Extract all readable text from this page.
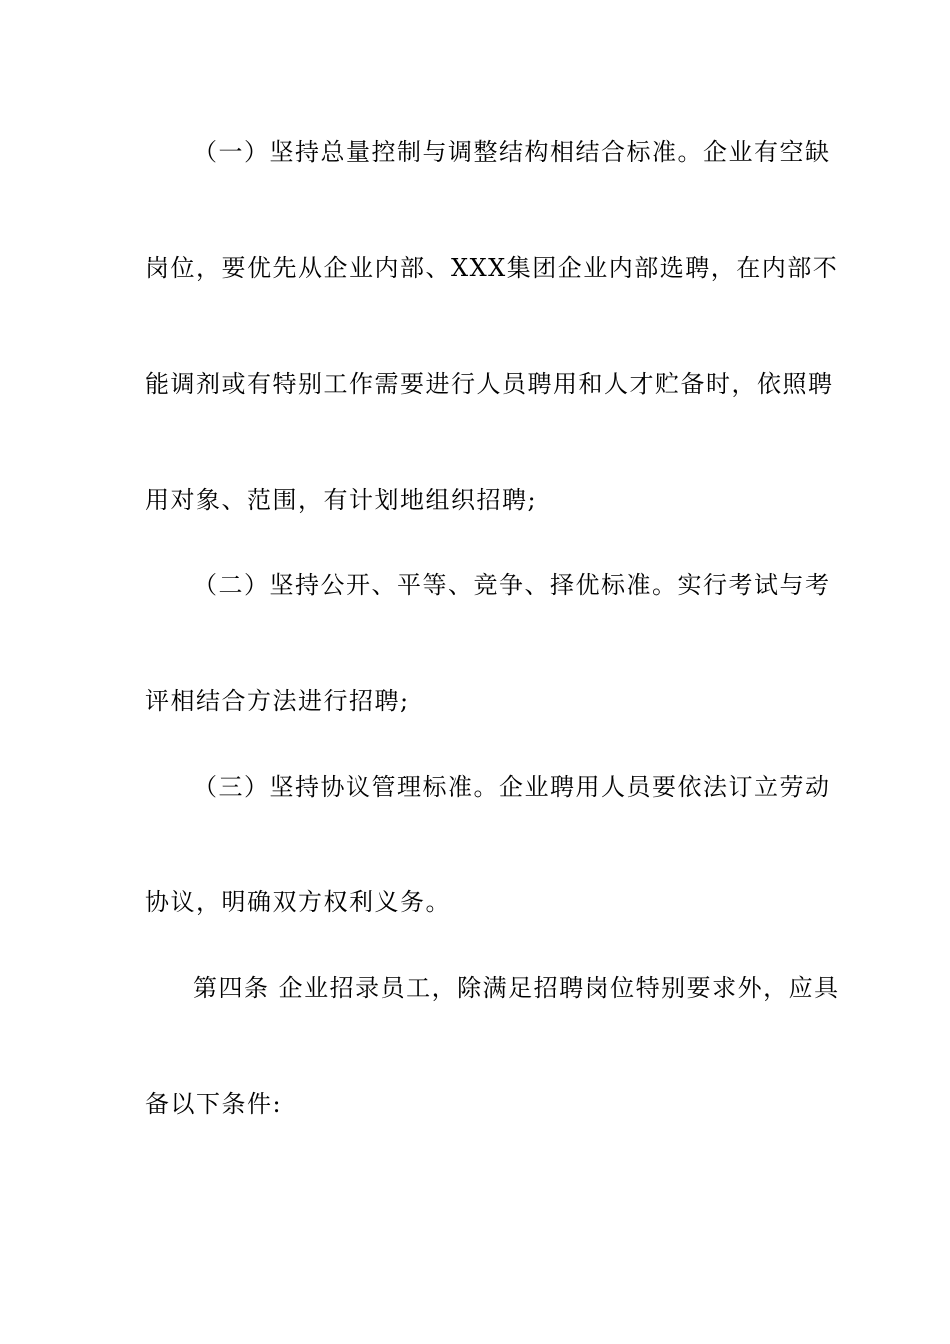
（一）坚持总量控制与调整结构相结合标准。企业有空缺
岗位，要优先从企业内部、XXX集团企业内部选聘，在内部不
能调剂或有特别工作需要进行人员聘用和人才贮备时，依照聘
用对象、范围，有计划地组织招聘;
（二）坚持公开、平等、竞争、择优标准。实行考试与考
评相结合方法进行招聘;
（三）坚持协议管理标准。企业聘用人员要依法订立劳动
协议，明确双方权利义务。
第四条 企业招录员工，除满足招聘岗位特别要求外，应具
备以下条件:
